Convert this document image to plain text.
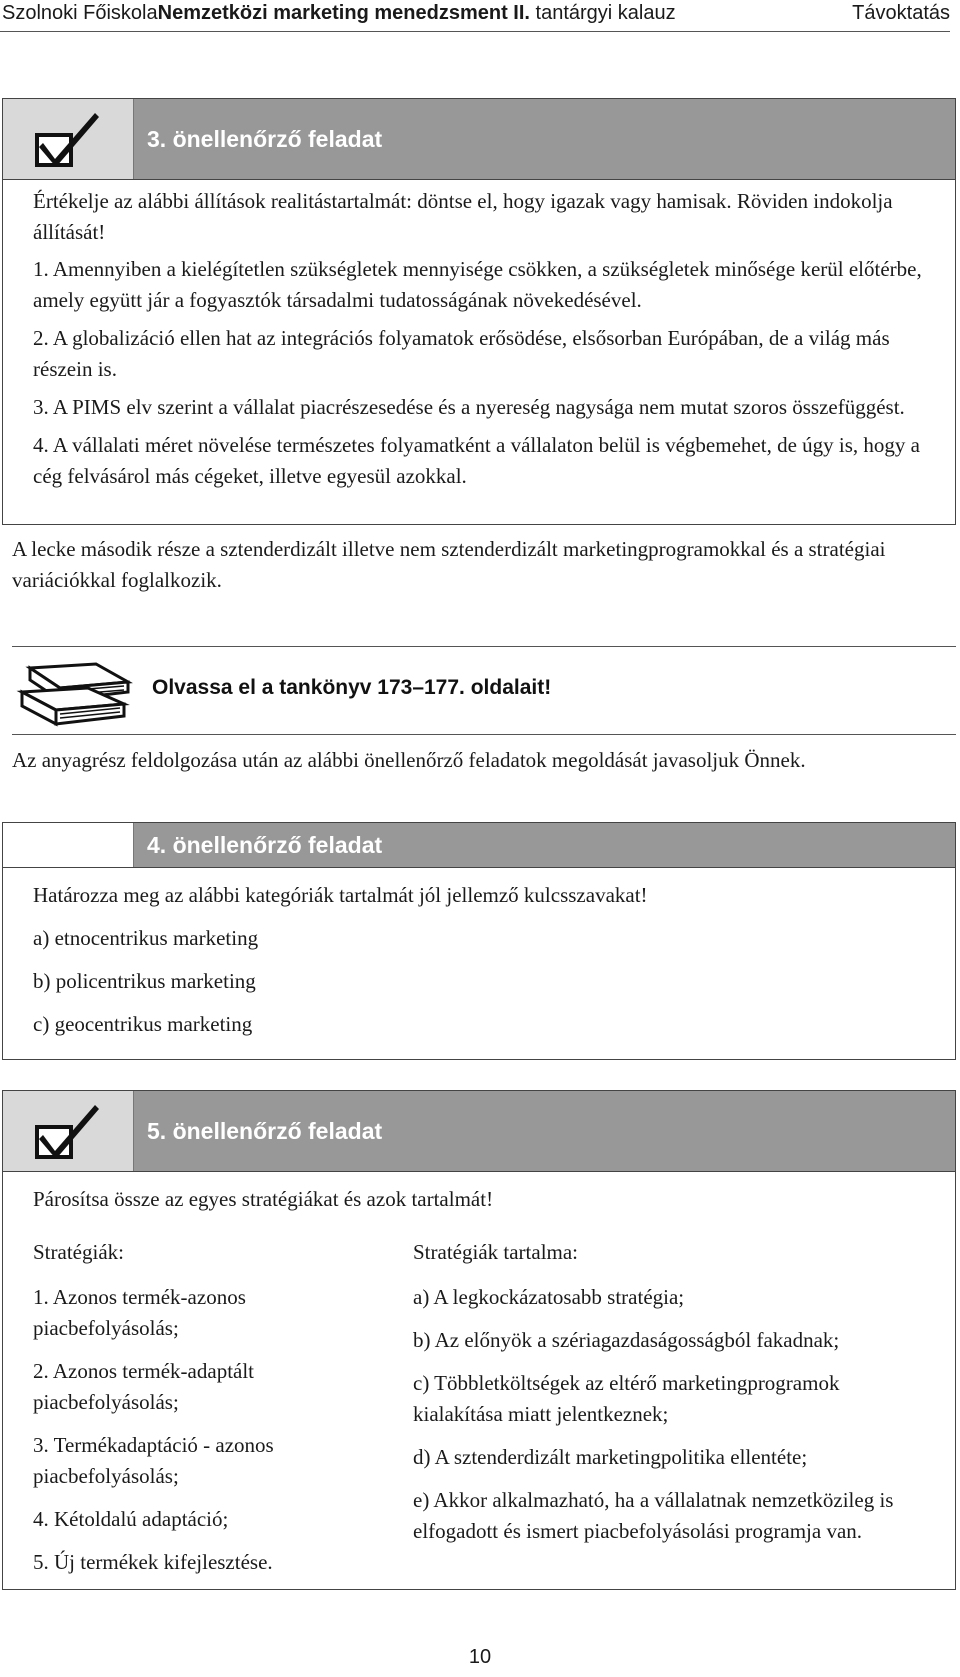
Szolnoki FőiskolaNemzetközi marketing menedzsment II. tantárgyi kalauz	Távoktatás
3. önellenőrző feladat

Értékelje az alábbi állítások realitástartalmát: döntse el, hogy igazak vagy hamisak. Röviden indokolja állítását!

1. Amennyiben a kielégítetlen szükségletek mennyisége csökken, a szükségletek minősége kerül előtérbe, amely együtt jár a fogyasztók társadalmi tudatosságának növekedésével.

2. A globalizáció ellen hat az integrációs folyamatok erősödése, elsősorban Európában, de a világ más részein is.

3. A PIMS elv szerint a vállalat piacrészesedése és a nyereség nagysága nem mutat szoros összefüggést.

4. A vállalati méret növelése természetes folyamatként a vállalaton belül is végbemehet, de úgy is, hogy a cég felvásárol más cégeket, illetve egyesül azokkal.

A lecke második része a sztenderdizált illetve nem sztenderdizált marketingprogramokkal és a stratégiai variációkkal foglalkozik.

Olvassa el a tankönyv 173–177. oldalait!

Az anyagrész feldolgozása után az alábbi önellenőrző feladatok megoldását javasoljuk Önnek.

4. önellenőrző feladat

Határozza meg az alábbi kategóriák tartalmát jól jellemző kulcsszavakat!

a) etnocentrikus marketing

b) policentrikus marketing

c) geocentrikus marketing

5. önellenőrző feladat

Párosítsa össze az egyes stratégiákat és azok tartalmát!

Stratégiák:

1. Azonos termék-azonos piacbefolyásolás;

2. Azonos termék-adaptált piacbefolyásolás;

3. Termékadaptáció - azonos piacbefolyásolás;

4. Kétoldalú adaptáció;

5. Új termékek kifejlesztése.

Stratégiák tartalma:

a) A legkockázatosabb stratégia;

b) Az előnyök a szériagazdaságosságból fakadnak;

c) Többletköltségek az eltérő marketingprogramok kialakítása miatt jelentkeznek;

d) A sztenderdizált marketingpolitika ellentéte;

e) Akkor alkalmazható, ha a vállalatnak nemzetközileg is elfogadott és ismert piacbefolyásolási programja van.

10
